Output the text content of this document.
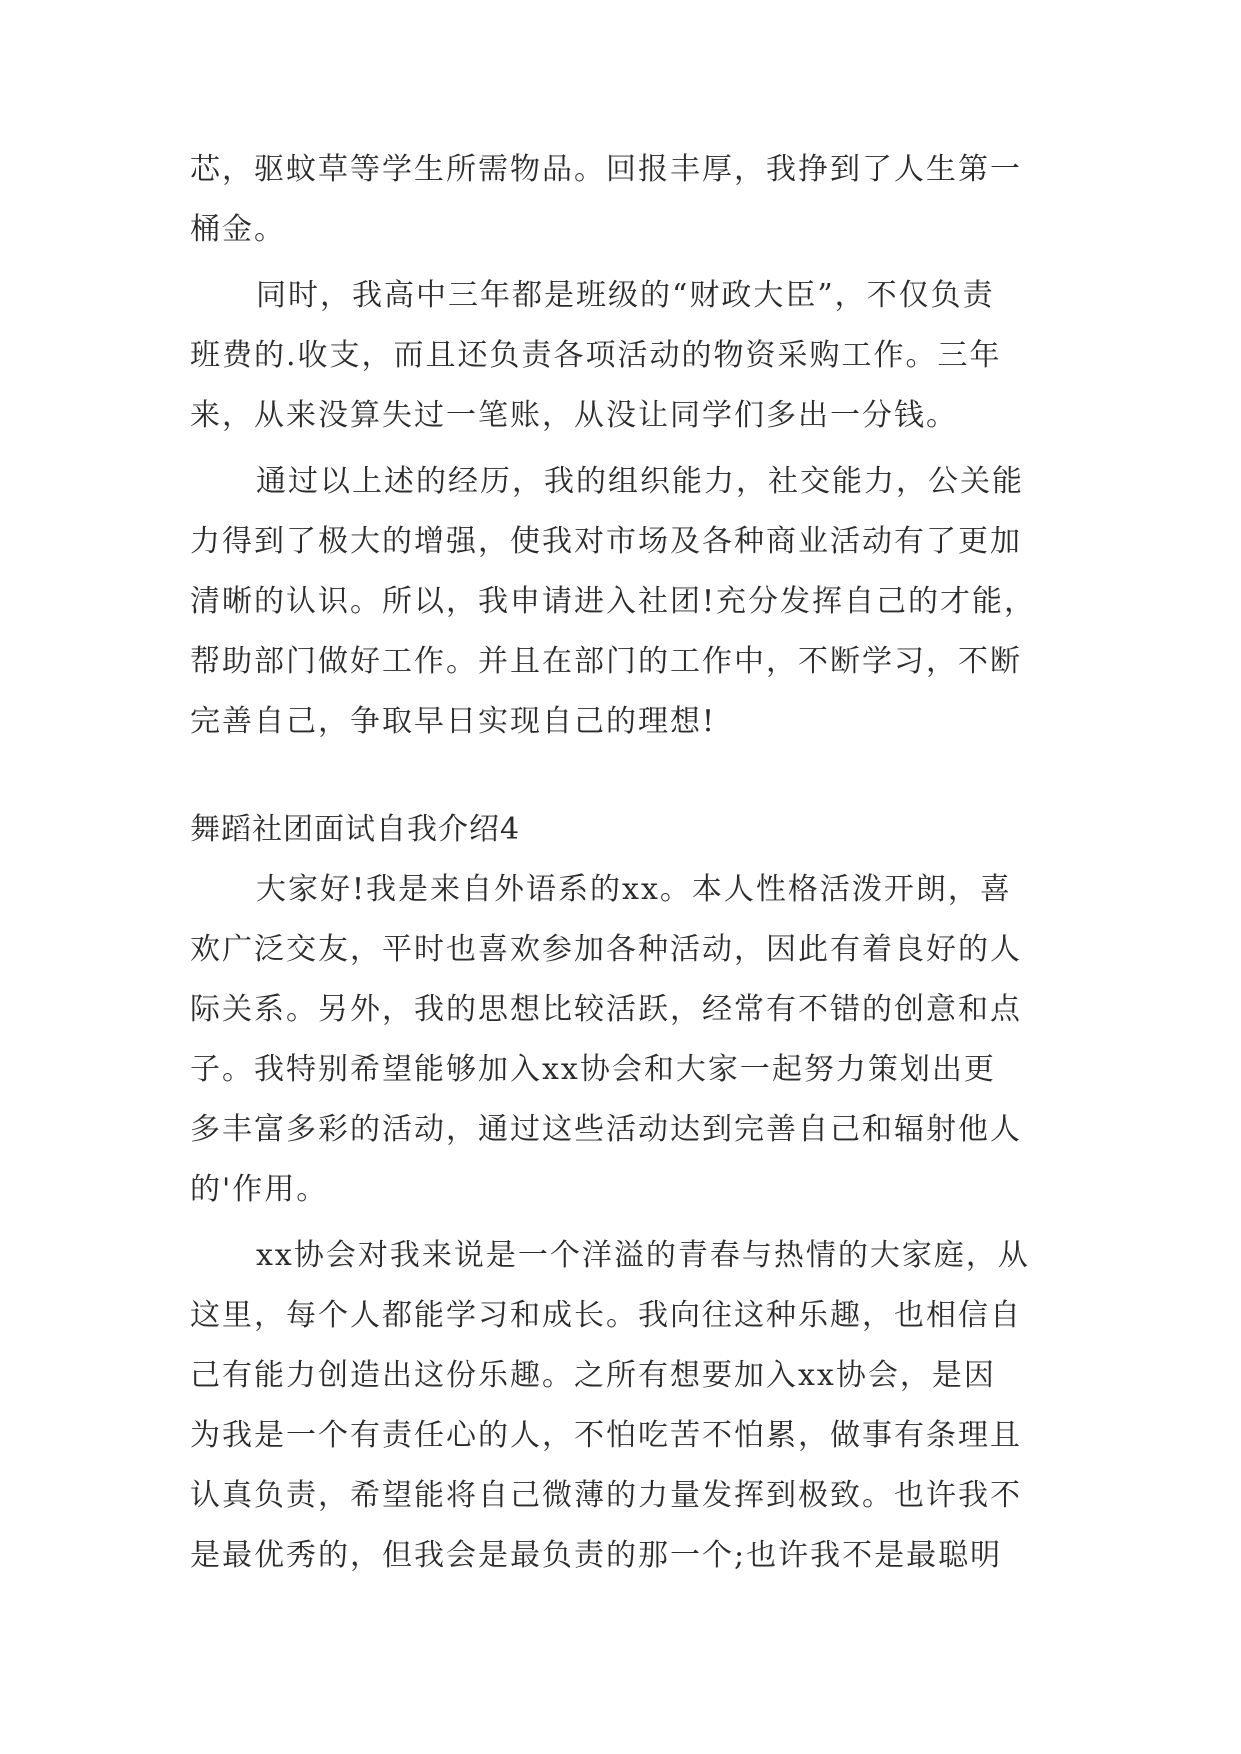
芯，驱蚊草等学生所需物品。回报丰厚，我挣到了人生第一
桶金。
同时，我高中三年都是班级的“财政大臣”，不仅负责
班费的.收支，而且还负责各项活动的物资采购工作。三年
来，从来没算失过一笔账，从没让同学们多出一分钱。
通过以上述的经历，我的组织能力，社交能力，公关能
力得到了极大的增强，使我对市场及各种商业活动有了更加
清晰的认识。所以，我申请进入社团!充分发挥自己的才能，
帮助部门做好工作。并且在部门的工作中，不断学习，不断
完善自己，争取早日实现自己的理想!
舞蹈社团面试自我介绍4
大家好!我是来自外语系的xx。本人性格活泼开朗，喜
欢广泛交友，平时也喜欢参加各种活动，因此有着良好的人
际关系。另外，我的思想比较活跃，经常有不错的创意和点
子。我特别希望能够加入xx协会和大家一起努力策划出更
多丰富多彩的活动，通过这些活动达到完善自己和辐射他人
的'作用。
xx协会对我来说是一个洋溢的青春与热情的大家庭，从
这里，每个人都能学习和成长。我向往这种乐趣，也相信自
己有能力创造出这份乐趣。之所有想要加入xx协会，是因
为我是一个有责任心的人，不怕吃苦不怕累，做事有条理且
认真负责，希望能将自己微薄的力量发挥到极致。也许我不
是最优秀的，但我会是最负责的那一个;也许我不是最聪明
